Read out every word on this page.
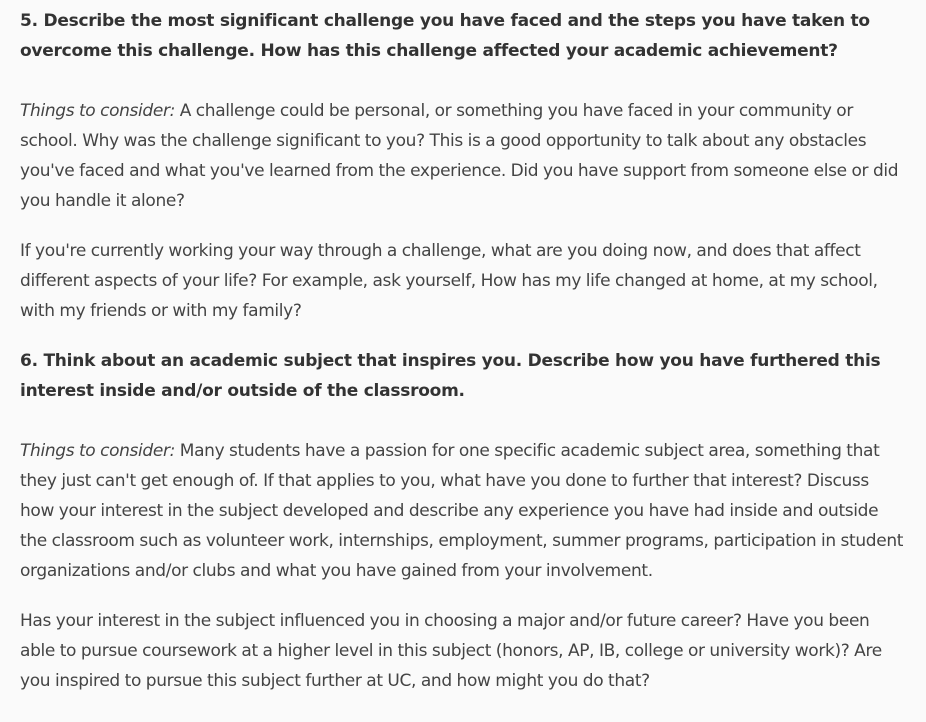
5. Describe the most significant challenge you have faced and the steps you have taken to overcome this challenge. How has this challenge affected your academic achievement?

Things to consider: A challenge could be personal, or something you have faced in your community or school. Why was the challenge significant to you? This is a good opportunity to talk about any obstacles you've faced and what you've learned from the experience. Did you have support from someone else or did you handle it alone?

If you're currently working your way through a challenge, what are you doing now, and does that affect different aspects of your life? For example, ask yourself, How has my life changed at home, at my school, with my friends or with my family?

6. Think about an academic subject that inspires you. Describe how you have furthered this interest inside and/or outside of the classroom.

Things to consider: Many students have a passion for one specific academic subject area, something that they just can't get enough of. If that applies to you, what have you done to further that interest? Discuss how your interest in the subject developed and describe any experience you have had inside and outside the classroom such as volunteer work, internships, employment, summer programs, participation in student organizations and/or clubs and what you have gained from your involvement.

Has your interest in the subject influenced you in choosing a major and/or future career? Have you been able to pursue coursework at a higher level in this subject (honors, AP, IB, college or university work)? Are you inspired to pursue this subject further at UC, and how might you do that?
